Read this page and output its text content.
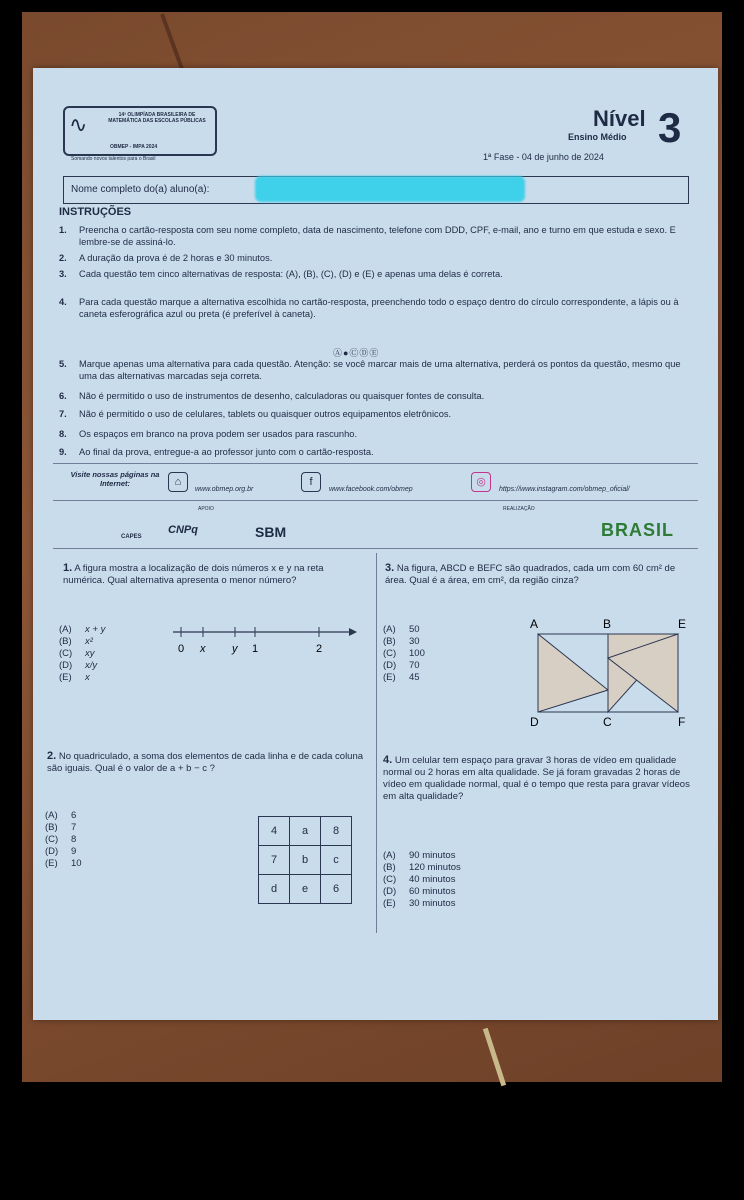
∿	14ª OLIMPÍADA BRASILEIRA DE MATEMÁTICA DAS ESCOLAS PÚBLICAS
OBMEP - IMPA 2024
Somando novos talentos para o Brasil
Nível 3
Ensino Médio
1ª Fase - 04 de junho de 2024
Nome completo do(a) aluno(a):
INSTRUÇÕES
1. Preencha o cartão-resposta com seu nome completo, data de nascimento, telefone com DDD, CPF, e-mail, ano e turno em que estuda e sexo. E lembre-se de assiná-lo.
2. A duração da prova é de 2 horas e 30 minutos.
3. Cada questão tem cinco alternativas de resposta: (A), (B), (C), (D) e (E) e apenas uma delas é correta.
4. Para cada questão marque a alternativa escolhida no cartão-resposta, preenchendo todo o espaço dentro do círculo correspondente, a lápis ou à caneta esferográfica azul ou preta (é preferível à caneta).
5. Marque apenas uma alternativa para cada questão. Atenção: se você marcar mais de uma alternativa, perderá os pontos da questão, mesmo que uma das alternativas marcadas seja correta.
6. Não é permitido o uso de instrumentos de desenho, calculadoras ou quaisquer fontes de consulta.
7. Não é permitido o uso de celulares, tablets ou quaisquer outros equipamentos eletrônicos.
8. Os espaços em branco na prova podem ser usados para rascunho.
9. Ao final da prova, entregue-a ao professor junto com o cartão-resposta.
Ⓐ●ⒸⒹⒺ
Visite nossas páginas na Internet:	⌂
www.obmep.org.br
f
www.facebook.com/obmep
◎
https://www.instagram.com/obmep_oficial/
APOIO	REALIZAÇÃO
CAPES
CNPq	SBM	BRASIL
1. A figura mostra a localização de dois números x e y na reta numérica. Qual alternativa apresenta o menor número?
(A) x + y
(B) x²
(C) xy
(D) x/y
(E) x
0 x y 1	2
3. Na figura, ABCD e BEFC são quadrados, cada um com 60 cm² de área. Qual é a área, em cm², da região cinza?
(A) 50
(B) 30
(C) 100
(D) 70
(E) 45
A	B	E
D	C	F
2. No quadriculado, a soma dos elementos de cada linha e de cada coluna são iguais. Qual é o valor de a + b − c ?
(A) 6
(B) 7
(C) 8
(D) 9
(E) 10
4	a	8
7	b	c
d	e	6
4. Um celular tem espaço para gravar 3 horas de vídeo em qualidade normal ou 2 horas em alta qualidade. Se já foram gravadas 2 horas de vídeo em qualidade normal, qual é o tempo que resta para gravar vídeos em alta qualidade?
(A) 90 minutos
(B) 120 minutos
(C) 40 minutos
(D) 60 minutos
(E) 30 minutos
